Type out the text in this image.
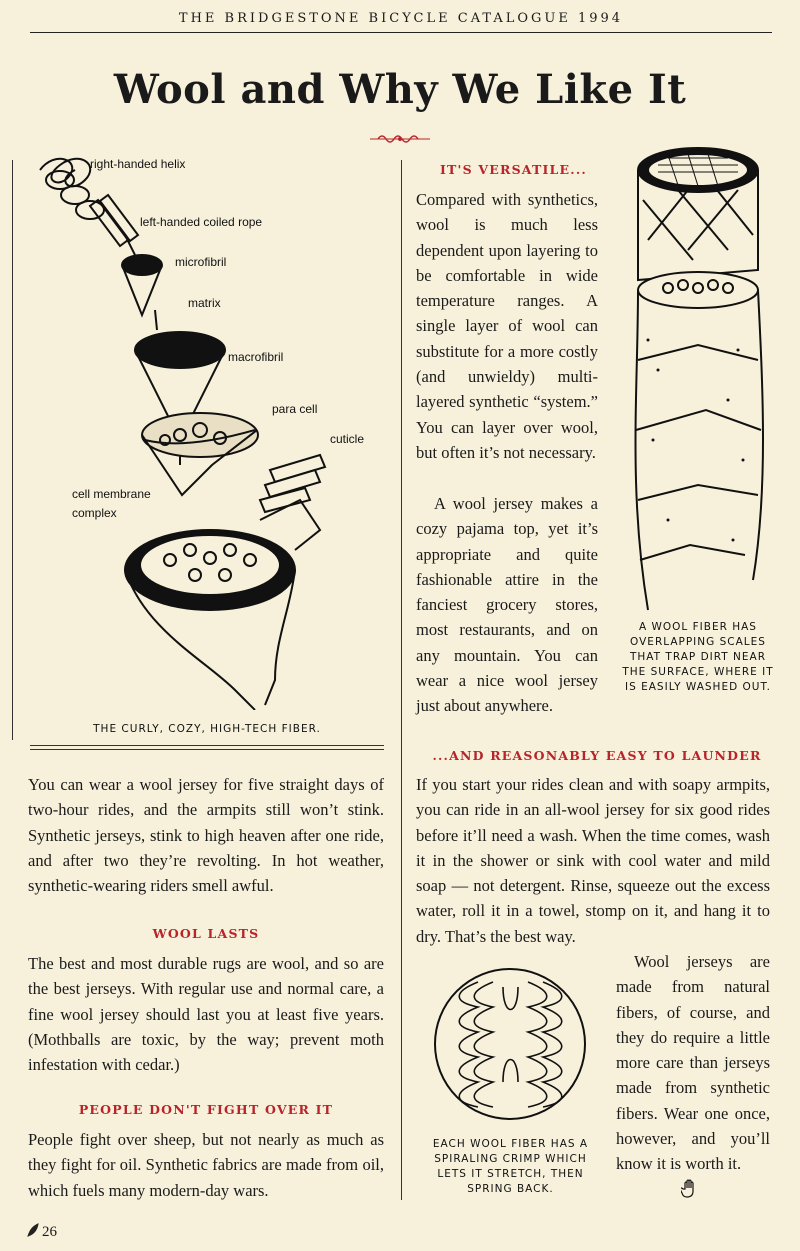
THE BRIDGESTONE BICYCLE CATALOGUE 1994
Wool and Why We Like It
right-handed helix
left-handed coiled rope
microfibril
matrix
macrofibril
para cell
cuticle
cell membrane
complex
THE CURLY, COZY, HIGH-TECH FIBER.
IT'S VERSATILE...

Compared with synthetics, wool is much less dependent upon layering to be comfortable in wide temperature ranges. A single layer of wool can substitute for a more costly (and unwieldy) multi-layered synthetic “system.” You can layer over wool, but often it’s not necessary.

A wool jersey makes a cozy pajama top, yet it’s appropriate and quite fashionable attire in the fanciest grocery stores, most restaurants, and on any mountain. You can wear a nice wool jersey just about anywhere.

A WOOL FIBER HAS OVERLAPPING SCALES THAT TRAP DIRT NEAR THE SURFACE, WHERE IT IS EASILY WASHED OUT.

You can wear a wool jersey for five straight days of two-hour rides, and the armpits still won’t stink. Synthetic jerseys, stink to high heaven after one ride, and after two they’re revolting. In hot weather, synthetic-wearing riders smell awful.

WOOL LASTS

The best and most durable rugs are wool, and so are the best jerseys. With regular use and normal care, a fine wool jersey should last you at least five years. (Mothballs are toxic, by the way; prevent moth infestation with cedar.)

PEOPLE DON'T FIGHT OVER IT

People fight over sheep, but not nearly as much as they fight for oil. Synthetic fabrics are made from oil, which fuels many modern-day wars.

...AND REASONABLY EASY TO LAUNDER

If you start your rides clean and with soapy armpits, you can ride in an all-wool jersey for six good rides before it’ll need a wash. When the time comes, wash it in the shower or sink with cool water and mild soap — not detergent. Rinse, squeeze out the excess water, roll it in a towel, stomp on it, and hang it to dry. That’s the best way.

Wool jerseys are made from natural fibers, of course, and they do require a little more care than jerseys made from synthetic fibers. Wear one once, however, and you’ll know it is worth it.

EACH WOOL FIBER HAS A SPIRALING CRIMP WHICH LETS IT STRETCH, THEN SPRING BACK.
26
